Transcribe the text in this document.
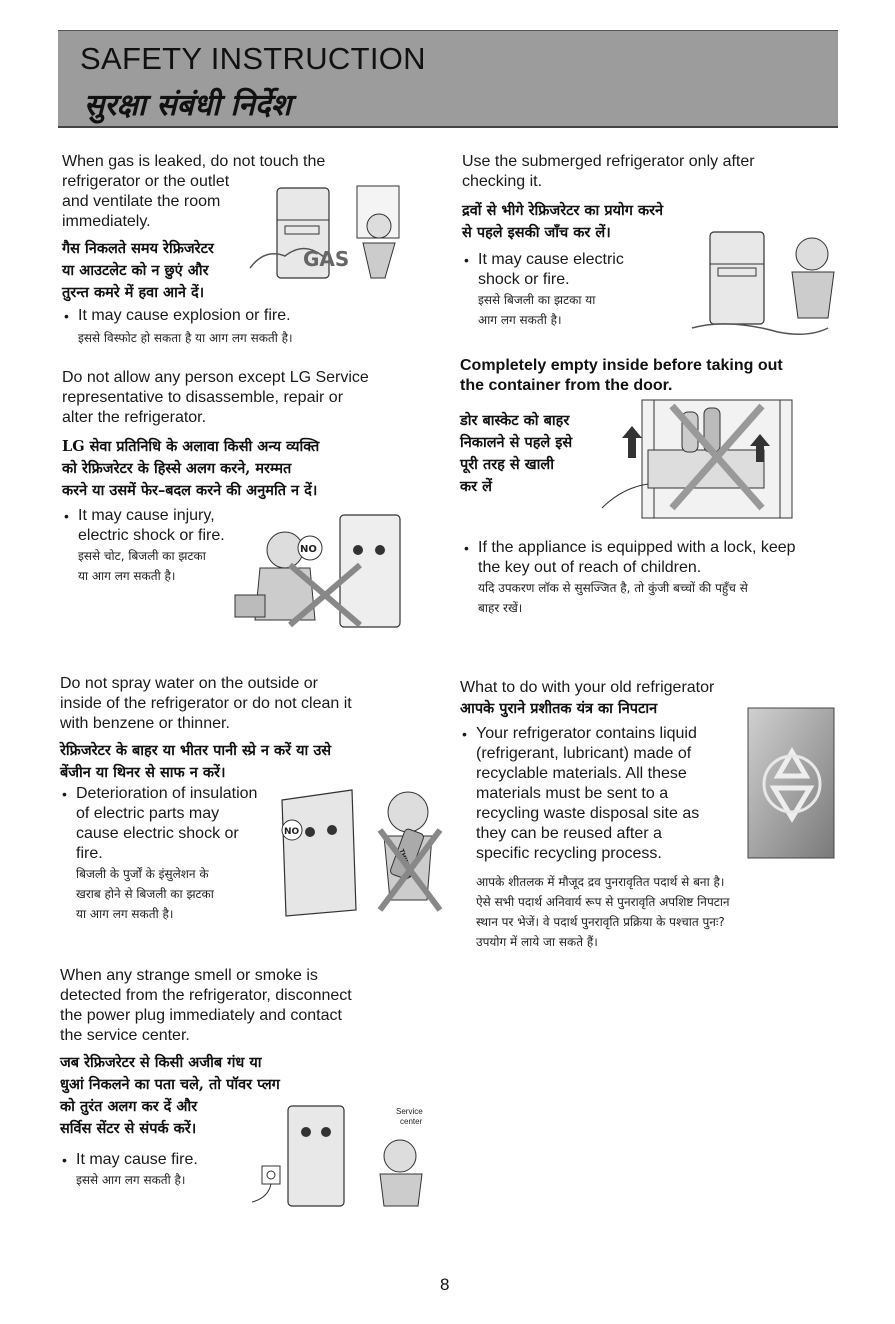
SAFETY INSTRUCTION
सुरक्षा संबंधी निर्देश
When gas is leaked, do not touch the
refrigerator or the outlet
and ventilate the room
immediately.
गैस निकलते समय रेफ्रिजरेटर
या आउटलेट को न छुएं और
तुरन्त कमरे में हवा आने दें।
• It may cause explosion or fire.
इससे विस्फोट हो सकता है या आग लग सकती है।
GAS
Do not allow any person except LG Service
representative to disassemble, repair or
alter the refrigerator.
LG सेवा प्रतिनिधि के अलावा किसी अन्य व्यक्ति
को रेफ्रिजरेटर के हिस्से अलग करने, मरम्मत
करने या उसमें फेर–बदल करने की अनुमति न दें।
• It may cause injury,
electric shock or fire.
इससे चोट, बिजली का झटका
या आग लग सकती है।
NO
Do not spray water on the outside or
inside of the refrigerator or do not clean it
with benzene or thinner.
रेफ्रिजरेटर के बाहर या भीतर पानी स्प्रे न करें या उसे
बेंजीन या थिनर से साफ न करें।
• Deterioration of insulation
of electric parts may
cause electric shock or
fire.
बिजली के पुर्जों के इंसुलेशन के
खराब होने से बिजली का झटका
या आग लग सकती है।
NO
When any strange smell or smoke is
detected from the refrigerator, disconnect
the power plug immediately and contact
the service center.
जब रेफ्रिजरेटर से किसी अजीब गंध या
धुआं निकलने का पता चले, तो पॉवर प्लग
को तुरंत अलग कर दें और
सर्विस सेंटर से संपर्क करें।
• It may cause fire.
इससे आग लग सकती है।
Service
center
Use the submerged refrigerator only after
checking it.
द्रवों से भीगे रेफ्रिजरेटर का प्रयोग करने
से पहले इसकी जाँच कर लें।
• It may cause electric
shock or fire.
इससे बिजली का झटका या
आग लग सकती है।
Completely empty inside before taking out
the container from the door.
डोर बास्केट को बाहर
निकालने से पहले इसे
पूरी तरह से खाली
कर लें
• If the appliance is equipped with a lock, keep
the key out of reach of children.
यदि उपकरण लॉक से सुसज्जित है, तो कुंजी बच्चों की पहुँच से
बाहर रखें।
What to do with your old refrigerator
आपके पुराने प्रशीतक यंत्र का निपटान
• Your refrigerator contains liquid
(refrigerant, lubricant) made of
recyclable materials. All these
materials must be sent to a
recycling waste disposal site as
they can be reused after a
specific recycling process.
आपके शीतलक में मौजूद द्रव पुनरावृतित पदार्थ से बना है।
ऐसे सभी पदार्थ अनिवार्य रूप से पुनरावृति अपशिष्ट निपटान
स्थान पर भेजें। वे पदार्थ पुनरावृति प्रक्रिया के पश्चात पुनः?
उपयोग में लाये जा सकते हैं।
8
